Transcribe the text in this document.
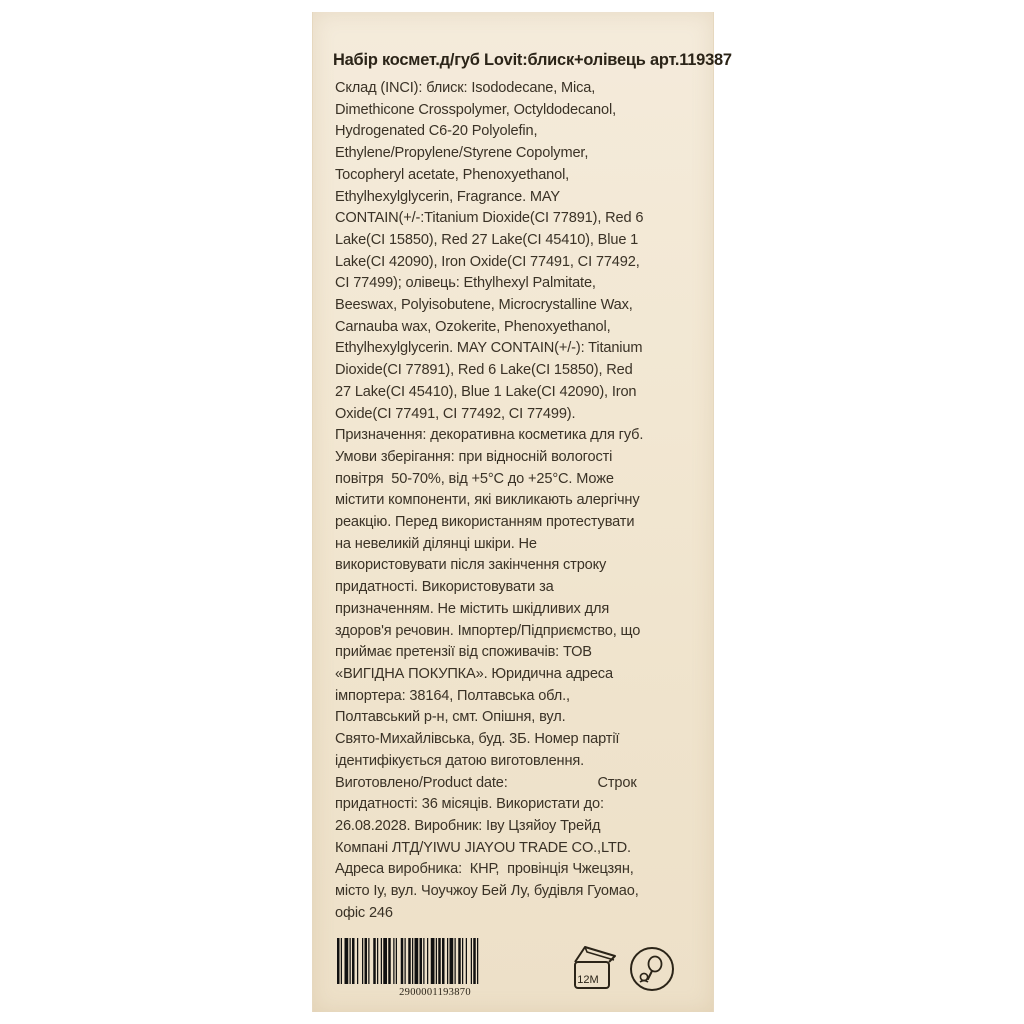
Набір космет.д/губ Lovit:блиск+олівець арт.119387
Склад (INCI): блиск: Isododecane, Mica,
Dimethicone Crosspolymer, Octyldodecanol,
Hydrogenated C6-20 Polyolefin,
Ethylene/Propylene/Styrene Copolymer,
Tocopheryl acetate, Phenoxyethanol,
Ethylhexylglycerin, Fragrance. MAY
CONTAIN(+/-:Titanium Dioxide(CI 77891), Red 6
Lake(CI 15850), Red 27 Lake(CI 45410), Blue 1
Lake(CI 42090), Iron Oxide(CI 77491, CI 77492,
CI 77499); олівець: Ethylhexyl Palmitate,
Beeswax, Polyisobutene, Microcrystalline Wax,
Carnauba wax, Ozokerite, Phenoxyethanol,
Ethylhexylglycerin. MAY CONTAIN(+/-): Titanium
Dioxide(CI 77891), Red 6 Lake(CI 15850), Red
27 Lake(CI 45410), Blue 1 Lake(CI 42090), Iron
Oxide(CI 77491, CI 77492, CI 77499).
Призначення: декоративна косметика для губ.
Умови зберігання: при відносній вологості
повітря  50-70%, від +5°С до +25°С. Може
містити компоненти, які викликають алергічну
реакцію. Перед використанням протестувати
на невеликій ділянці шкіри. Не
використовувати після закінчення строку
придатності. Використовувати за
призначенням. Не містить шкідливих для
здоров'я речовин. Імпортер/Підприємство, що
приймає претензії від споживачів: ТОВ
«ВИГІДНА ПОКУПКА». Юридична адреса
імпортера: 38164, Полтавська обл.,
Полтавський р-н, смт. Опішня, вул.
Свято-Михайлівська, буд. 3Б. Номер партії
ідентифікується датою виготовлення.
Виготовлено/Product date:                       Строк
придатності: 36 місяців. Використати до:
26.08.2028. Виробник: Іву Цзяйоу Трейд
Компані ЛТД/YIWU JIAYOU TRADE CO.,LTD.
Адреса виробника:  КНР,  провінція Чжецзян,
місто Іу, вул. Чоучжоу Бей Лу, будівля Гуомао,
офіс 246
2900001193870
12M
